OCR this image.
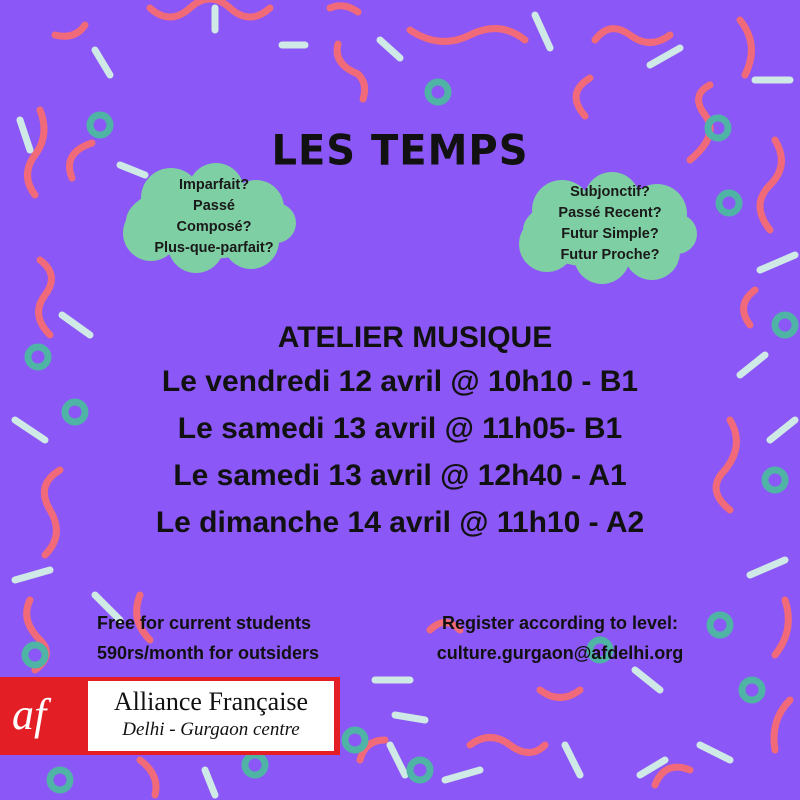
LES TEMPS
Imparfait?
Passé
Composé?
Plus-que-parfait?
Subjonctif?
Passé Recent?
Futur Simple?
Futur Proche?
ATELIER MUSIQUE
Le vendredi 12 avril @ 10h10 - B1
Le samedi 13 avril @ 11h05- B1
Le samedi 13 avril @ 12h40 - A1
Le dimanche 14 avril @ 11h10 - A2
Free for current students
590rs/month for outsiders
Register according to level:
culture.gurgaon@afdelhi.org
af	Alliance Française
Delhi - Gurgaon centre
